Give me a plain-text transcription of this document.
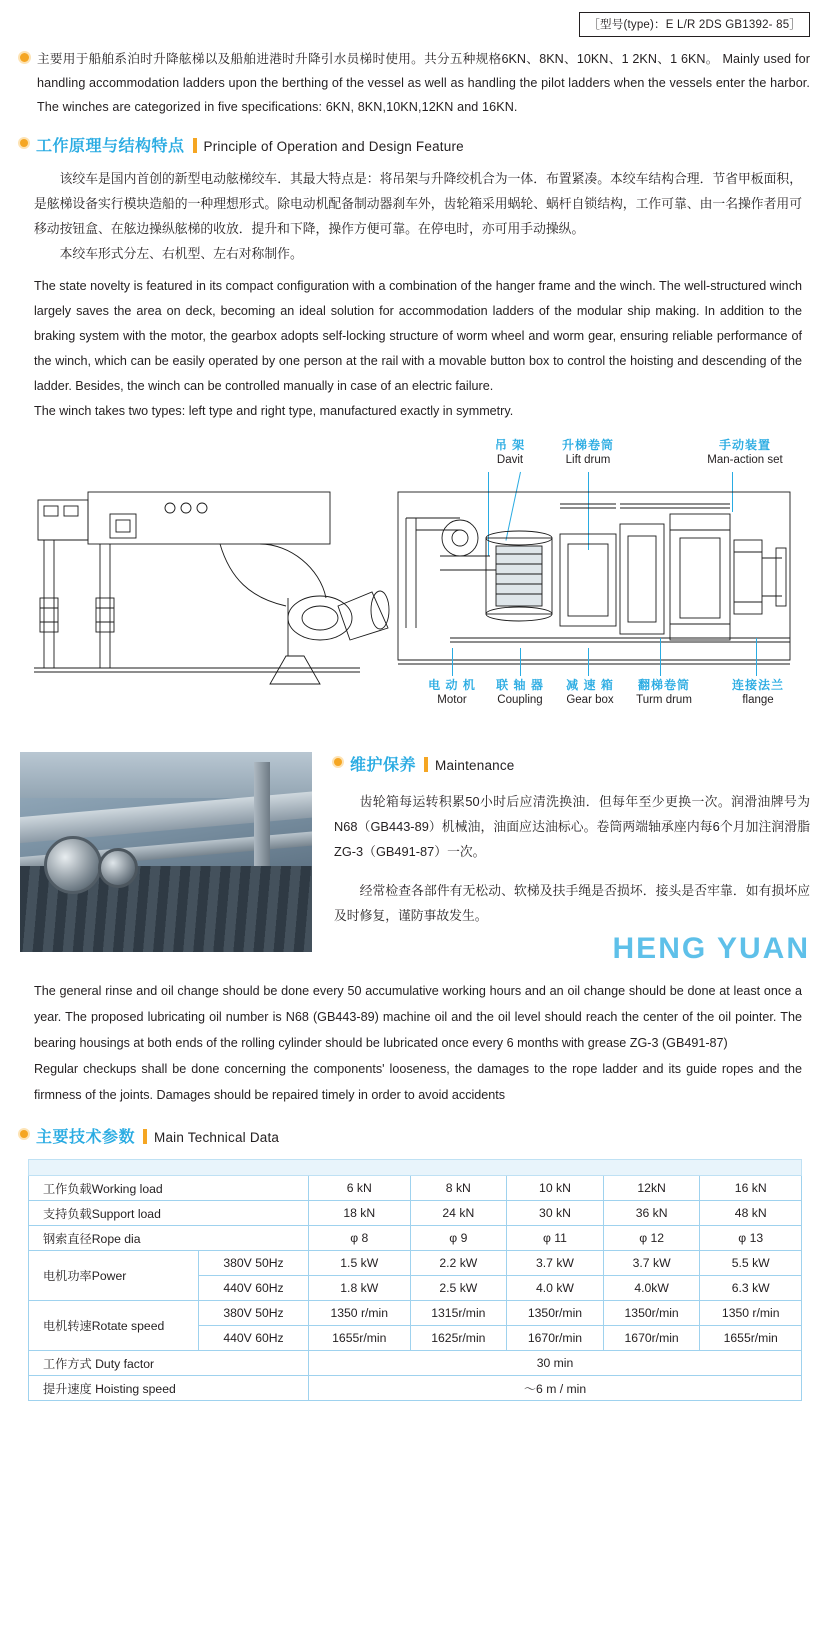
［型号(type)：E L/R 2DS GB1392- 85］
主要用于船舶系泊时升降舷梯以及船舶进港时升降引水员梯时使用。共分五种规格6KN、8KN、10KN、1 2KN、1 6KN。 Mainly used for handling accommodation ladders upon the berthing of the vessel as well as handling the pilot ladders when the vessels enter the harbor. The winches are categorized in five specifications: 6KN, 8KN,10KN,12KN and 16KN.
工作原理与结构特点 Principle of Operation and Design Feature

该绞车是国内首创的新型电动舷梯绞车．其最大特点是：将吊架与升降绞机合为一体．布置紧凑。本绞车结构合理．节省甲板面积，是舷梯设备实行模块造船的一种理想形式。除电动机配备制动器刹车外，齿轮箱采用蜗轮、蜗杆自锁结构，工作可靠、由一名操作者用可移动按钮盒、在舷边操纵舷梯的收放．提升和下降，操作方便可靠。在停电时，亦可用手动操纵。

本绞车形式分左、右机型、左右对称制作。

The state novelty is featured in its compact configuration with a combination of the hanger frame and the winch. The well-structured winch largely saves the area on deck, becoming an ideal solution for accommodation ladders of the modular ship making. In addition to the braking system with the motor, the gearbox adopts self-locking structure of worm wheel and worm gear, ensuring reliable performance of the winch, which can be easily operated by one person at the rail with a movable button box to control the hoisting and descending of the ladder. Besides, the winch can be controlled manually in case of an electric failure.

The winch takes two types: left type and right type, manufactured exactly in symmetry.

吊 架
Davit
升梯卷筒
Lift drum
手动装置
Man-action set
电 动 机
Motor
联 轴 器
Coupling
减 速 箱
Gear box
翻梯卷筒
Turm drum
连接法兰
flange
维护保养 Maintenance
齿轮箱每运转积累50小时后应清洗换油．但每年至少更换一次。润滑油牌号为N68（GB443-89）机械油，油面应达油标心。卷筒两端轴承座内每6个月加注润滑脂ZG-3（GB491-87）一次。
经常检查各部件有无松动、软梯及扶手绳是否损坏．接头是否牢靠．如有损坏应及时修复，谨防事故发生。
HENG YUAN
The general rinse and oil change should be done every 50 accumulative working hours and an oil change should be done at least once a year. The proposed lubricating oil number is N68 (GB443-89) machine oil and the oil level should reach the center of the oil pointer. The bearing housings at both ends of the rolling cylinder should be lubricated once every 6 months with grease ZG-3 (GB491-87)
Regular checkups shall be done concerning the components' looseness, the damages to the rope ladder and its guide ropes and the firmness of the joints. Damages should be repaired timely in order to avoid accidents
主要技术参数 Main Technical Data

工作负载Working load		6 kN	8 kN	10 kN	12kN	16 kN
支持负载Support load		18 kN	24 kN	30 kN	36 kN	48 kN
钢索直径Rope dia		φ 8	φ 9	φ 11	φ 12	φ 13
电机功率Power	380V 50Hz	1.5 kW	2.2 kW	3.7 kW	3.7 kW	5.5 kW
	440V 60Hz	1.8 kW	2.5 kW	4.0 kW	4.0kW	6.3 kW
电机转速Rotate speed	380V 50Hz	1350 r/min	1315r/min	1350r/min	1350r/min	1350 r/min
	440V 60Hz	1655r/min	1625r/min	1670r/min	1670r/min	1655r/min
工作方式 Duty factor		30 min				
提升速度 Hoisting speed		～6 m / min				
